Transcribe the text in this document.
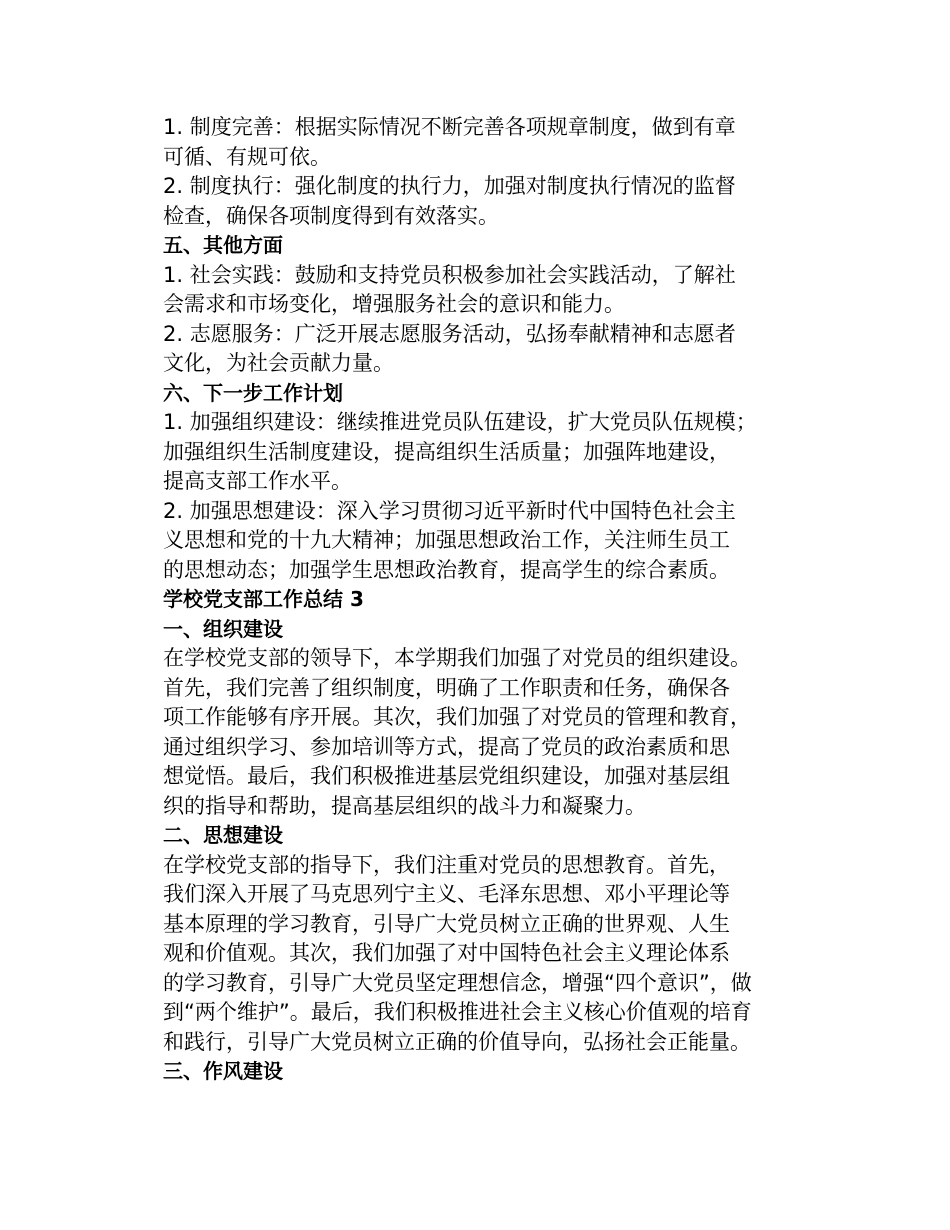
1. 制度完善：根据实际情况不断完善各项规章制度，做到有章
可循、有规可依。
2. 制度执行：强化制度的执行力，加强对制度执行情况的监督
检查，确保各项制度得到有效落实。
五、其他方面
1. 社会实践：鼓励和支持党员积极参加社会实践活动，了解社
会需求和市场变化，增强服务社会的意识和能力。
2. 志愿服务：广泛开展志愿服务活动，弘扬奉献精神和志愿者
文化，为社会贡献力量。
六、下一步工作计划
1. 加强组织建设：继续推进党员队伍建设，扩大党员队伍规模；
加强组织生活制度建设，提高组织生活质量；加强阵地建设，
提高支部工作水平。
2. 加强思想建设：深入学习贯彻习近平新时代中国特色社会主
义思想和党的十九大精神；加强思想政治工作，关注师生员工
的思想动态；加强学生思想政治教育，提高学生的综合素质。
学校党支部工作总结 3
一、组织建设
在学校党支部的领导下，本学期我们加强了对党员的组织建设。
首先，我们完善了组织制度，明确了工作职责和任务，确保各
项工作能够有序开展。其次，我们加强了对党员的管理和教育，
通过组织学习、参加培训等方式，提高了党员的政治素质和思
想觉悟。最后，我们积极推进基层党组织建设，加强对基层组
织的指导和帮助，提高基层组织的战斗力和凝聚力。
二、思想建设
在学校党支部的指导下，我们注重对党员的思想教育。首先，
我们深入开展了马克思列宁主义、毛泽东思想、邓小平理论等
基本原理的学习教育，引导广大党员树立正确的世界观、人生
观和价值观。其次，我们加强了对中国特色社会主义理论体系
的学习教育，引导广大党员坚定理想信念，增强“四个意识”，做
到“两个维护”。最后，我们积极推进社会主义核心价值观的培育
和践行，引导广大党员树立正确的价值导向，弘扬社会正能量。
三、作风建设
